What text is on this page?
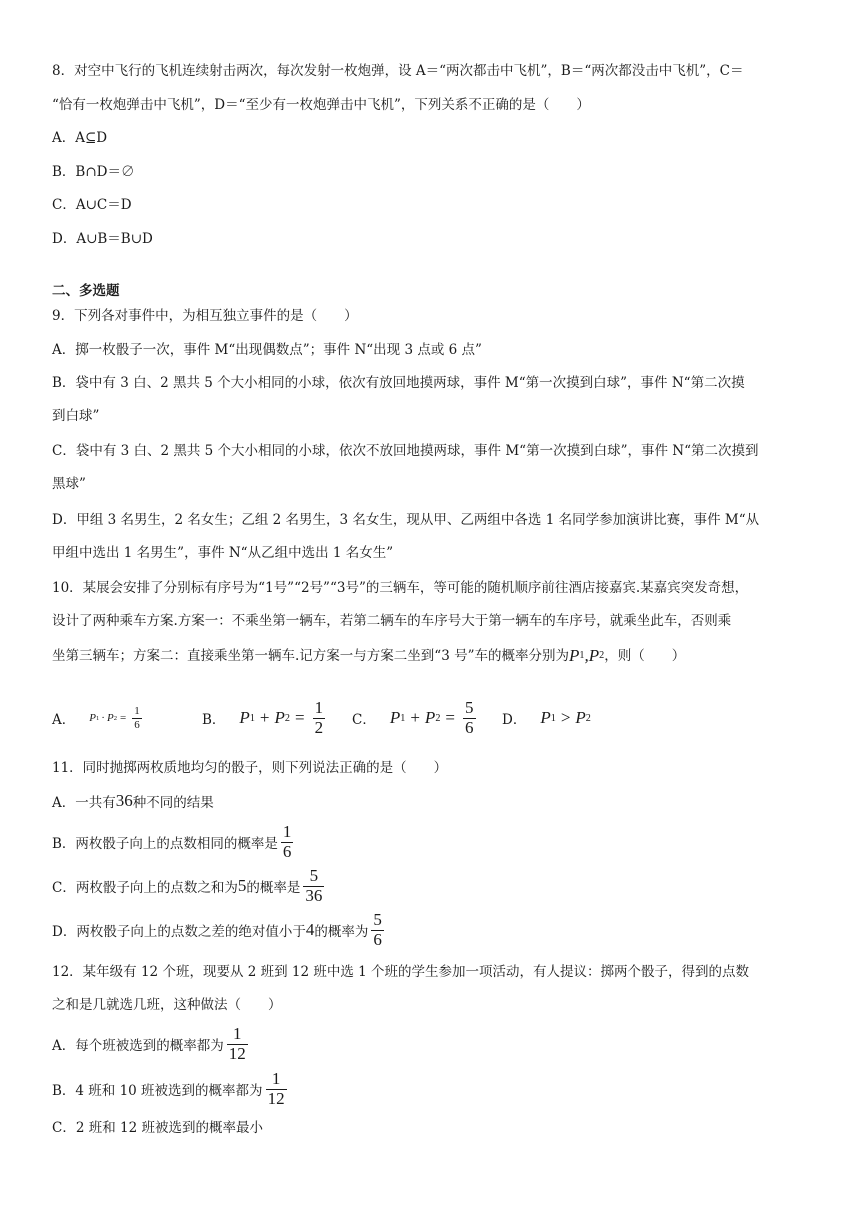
8．对空中飞行的飞机连续射击两次，每次发射一枚炮弹，设 A＝“两次都击中飞机”，B＝“两次都没击中飞机”，C＝
“恰有一枚炮弹击中飞机”，D＝“至少有一枚炮弹击中飞机”，下列关系不正确的是（　　）
A．A⊆D
B．B∩D＝∅
C．A∪C＝D
D．A∪B＝B∪D
二、多选题
9．下列各对事件中，为相互独立事件的是（　　）
A．掷一枚骰子一次，事件 M“出现偶数点”；事件 N“出现 3 点或 6 点”
B．袋中有 3 白、2 黑共 5 个大小相同的小球，依次有放回地摸两球，事件 M“第一次摸到白球”，事件 N“第二次摸
到白球”
C．袋中有 3 白、2 黑共 5 个大小相同的小球，依次不放回地摸两球，事件 M“第一次摸到白球”，事件 N“第二次摸到
黑球”
D．甲组 3 名男生，2 名女生；乙组 2 名男生，3 名女生，现从甲、乙两组中各选 1 名同学参加演讲比赛，事件 M“从
甲组中选出 1 名男生”，事件 N“从乙组中选出 1 名女生”
10．某展会安排了分别标有序号为“1号”“2号”“3号”的三辆车，等可能的随机顺序前往酒店接嘉宾.某嘉宾突发奇想，
设计了两种乘车方案.方案一：不乘坐第一辆车，若第二辆车的车序号大于第一辆车的车序号，就乘坐此车，否则乘
坐第三辆车；方案二：直接乘坐第一辆车.记方案一与方案二坐到“3 号”车的概率分别为 P 1 ,P 2 ，则（　　）
A． P 1 · P $2 = \frac{1}{6}$	B． P 1 + P $2 = \frac{1}{2}$ C． P 1 + P $2 = \frac{5}{6}$ D． P 1 > P 2
11．同时抛掷两枚质地均匀的骰子，则下列说法正确的是（　　）
A．一共有 36 种不同的结果
B．两枚骰子向上的点数相同的概率是 $\frac{1}{6}$
C．两枚骰子向上的点数之和为 5 的概率是 $\frac{5}{36}$
D．两枚骰子向上的点数之差的绝对值小于 4 的概率为 $\frac{5}{6}$
12．某年级有 12 个班，现要从 2 班到 12 班中选 1 个班的学生参加一项活动，有人提议：掷两个骰子，得到的点数
之和是几就选几班，这种做法（　　）
A．每个班被选到的概率都为 $\frac{1}{12}$
B．4 班和 10 班被选到的概率都为 $\frac{1}{12}$
C．2 班和 12 班被选到的概率最小
